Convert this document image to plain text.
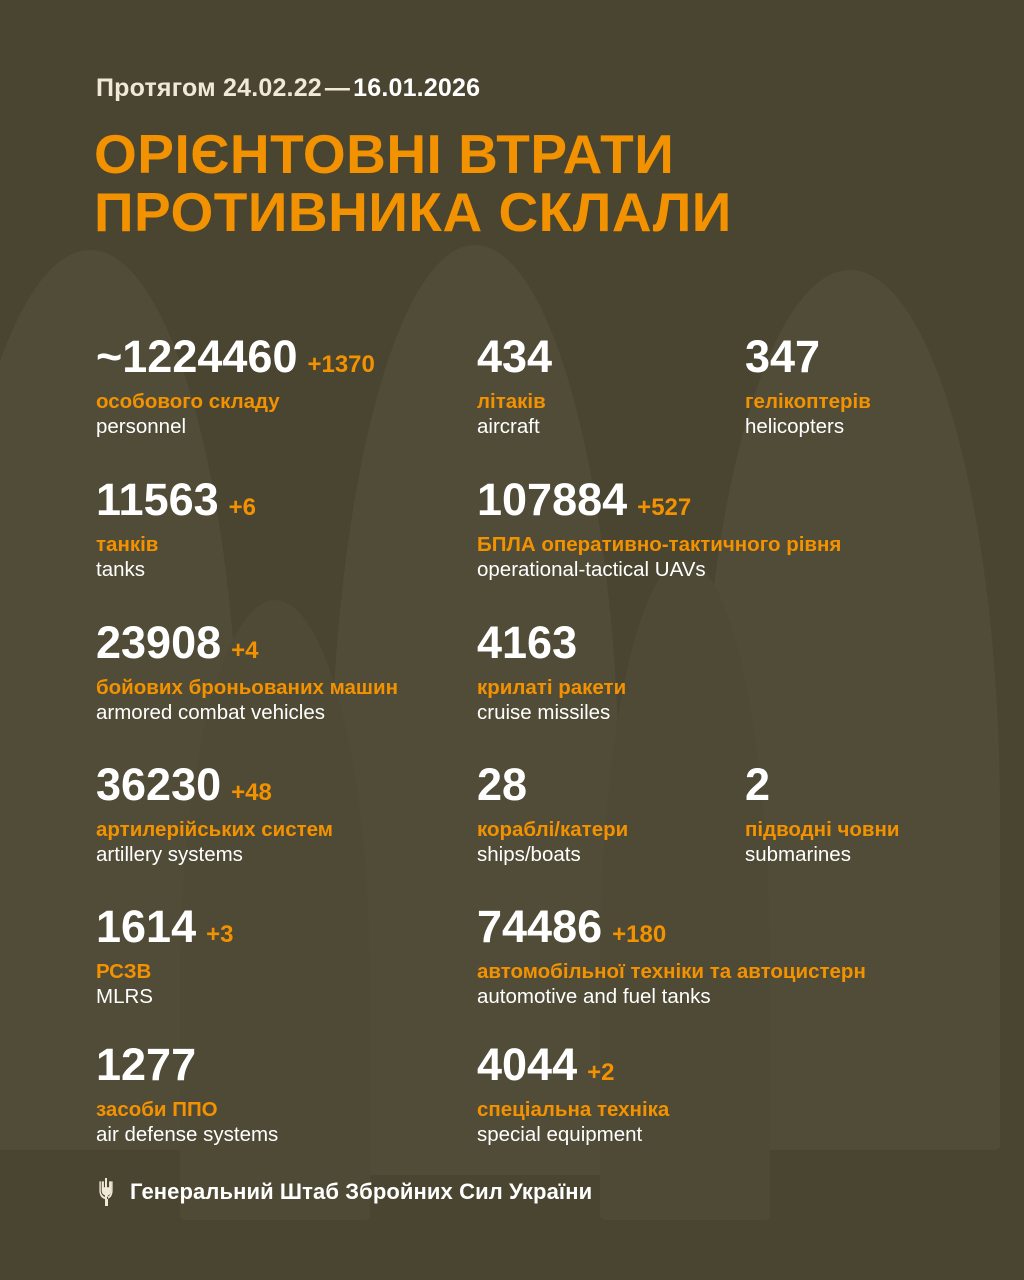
Протягом 24.02.22 — 16.01.2026
ОРІЄНТОВНІ ВТРАТИ
ПРОТИВНИКА СКЛАЛИ
~1224460 +1370
особового складу
personnel
434
літаків
aircraft
347
гелікоптерів
helicopters
11563 +6
танків
tanks
107884 +527
БПЛА оперативно-тактичного рівня
operational-tactical UAVs
23908 +4
бойових броньованих машин
armored combat vehicles
4163
крилаті ракети
cruise missiles
36230 +48
артилерійських систем
artillery systems
28
кораблі/катери
ships/boats
2
підводні човни
submarines
1614 +3
РСЗВ
MLRS
74486 +180
автомобільної техніки та автоцистерн
automotive and fuel tanks
1277
засоби ППО
air defense systems
4044 +2
спеціальна техніка
special equipment
Генеральний Штаб Збройних Сил України
